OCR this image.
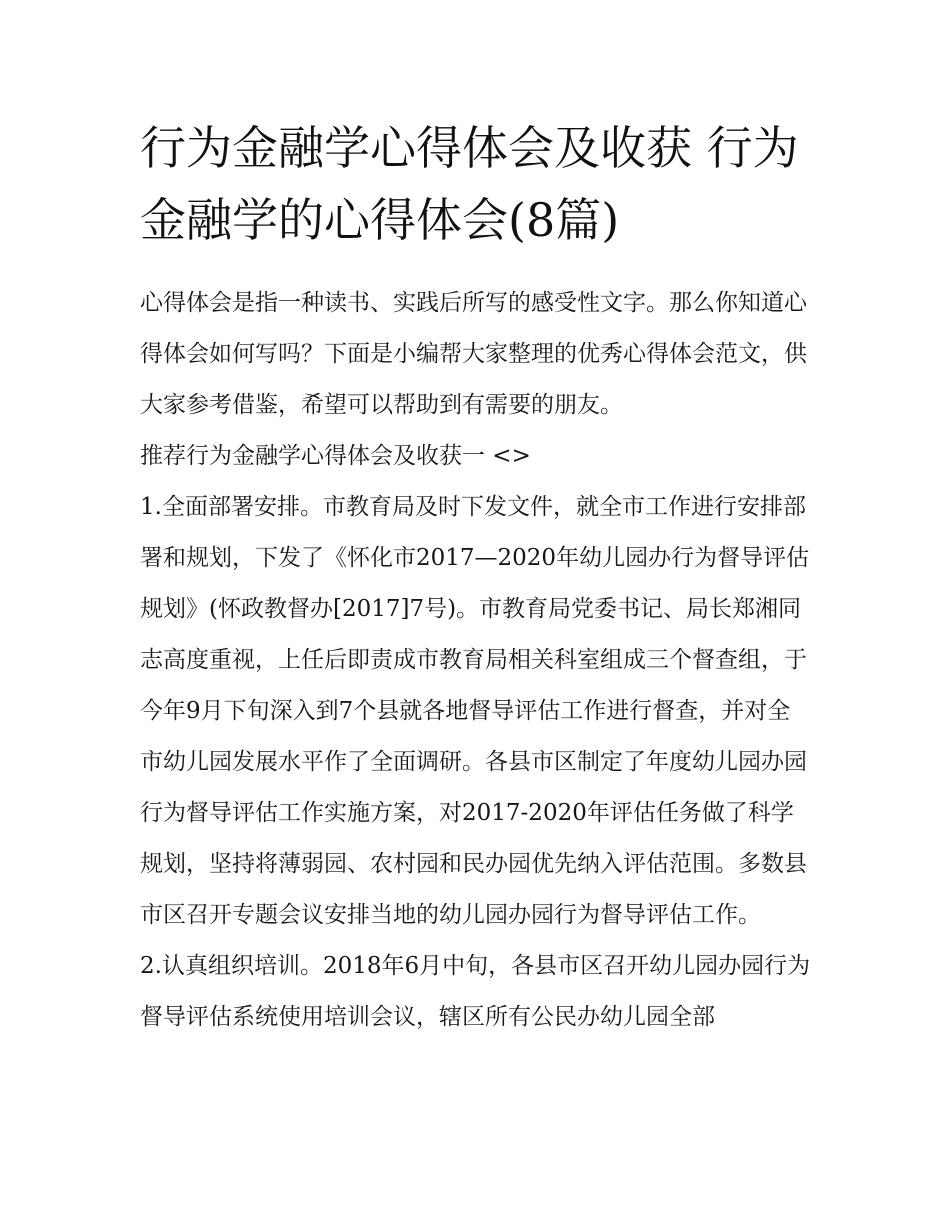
行为金融学心得体会及收获 行为金融学的心得体会(8篇)

心得体会是指一种读书、实践后所写的感受性文字。那么你知道心得体会如何写吗？下面是小编帮大家整理的优秀心得体会范文，供大家参考借鉴，希望可以帮助到有需要的朋友。

推荐行为金融学心得体会及收获一 <>

1.全面部署安排。市教育局及时下发文件，就全市工作进行安排部署和规划，下发了《怀化市2017—2020年幼儿园办行为督导评估规划》(怀政教督办[2017]7号)。市教育局党委书记、局长郑湘同志高度重视，上任后即责成市教育局相关科室组成三个督查组，于今年9月下旬深入到7个县就各地督导评估工作进行督查，并对全市幼儿园发展水平作了全面调研。各县市区制定了年度幼儿园办园行为督导评估工作实施方案，对2017-2020年评估任务做了科学规划，坚持将薄弱园、农村园和民办园优先纳入评估范围。多数县市区召开专题会议安排当地的幼儿园办园行为督导评估工作。

2.认真组织培训。2018年6月中旬，各县市区召开幼儿园办园行为督导评估系统使用培训会议，辖区所有公民办幼儿园全部
